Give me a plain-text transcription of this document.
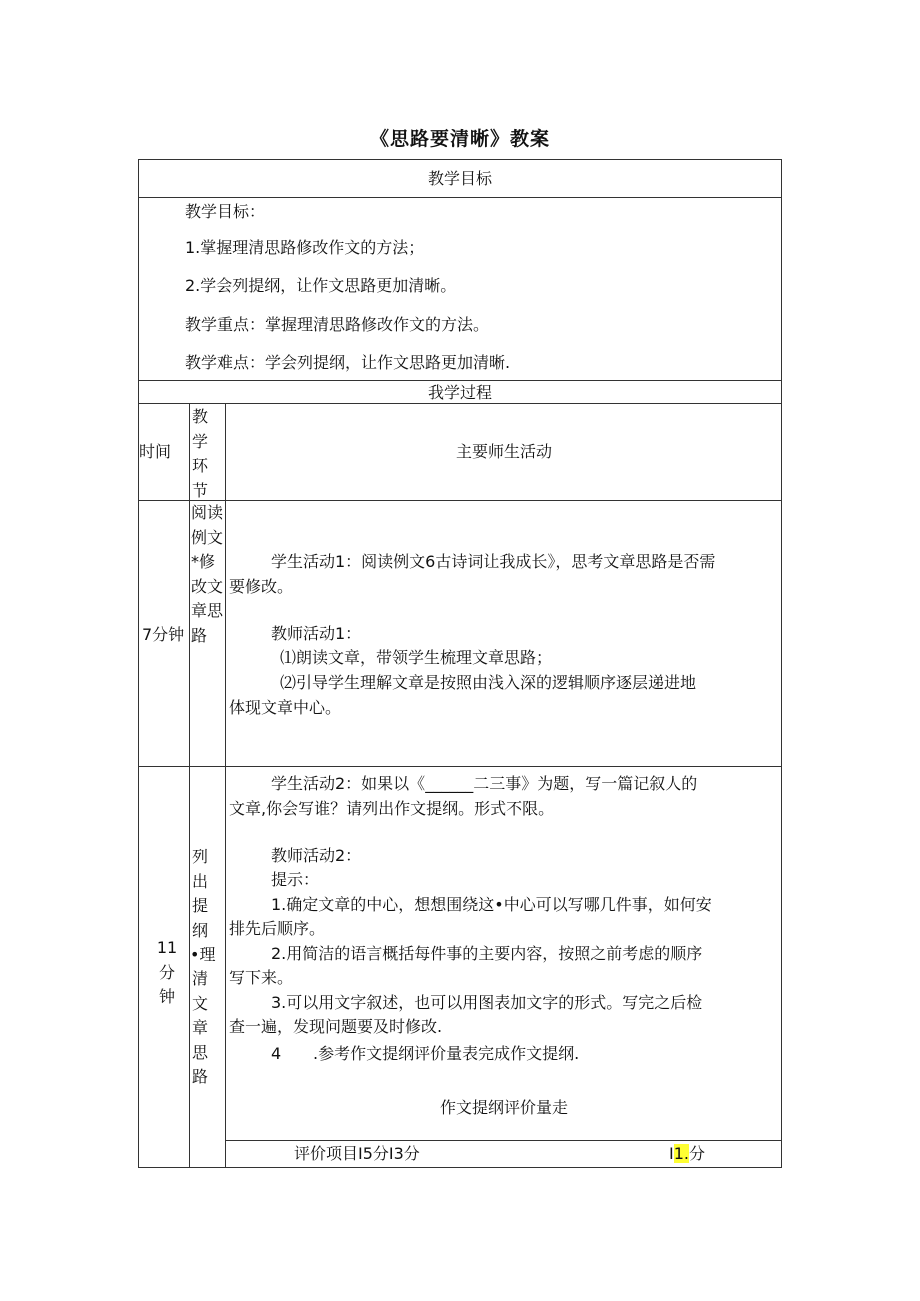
《思路要清晰》教案
教学目标
教学目标：
1.掌握理清思路修改作文的方法；
2.学会列提纲，让作文思路更加清晰。
教学重点：掌握理清思路修改作文的方法。
教学难点：学会列提纲，让作文思路更加清晰.
我学过程
时间
教学环节
主要师生活动
7分钟
阅读例文*修改文章思路
学生活动1：阅读例文6古诗词让我成长》，思考文章思路是否需
要修改。
教师活动1：
⑴朗读文章，带领学生梳理文章思路；
⑵引导学生理解文章是按照由浅入深的逻辑顺序逐层递进地
体现文章中心。
11分钟
列出提纲
•理
清文章思路
学生活动2：如果以《______二三事》为题，写一篇记叙人的
文章,你会写谁？请列出作文提纲。形式不限。
教师活动2：
提示：
1.确定文章的中心，想想围绕这•中心可以写哪几件事，如何安
排先后顺序。
2.用简洁的语言概括每件事的主要内容，按照之前考虑的顺序
写下来。
3.可以用文字叙述，也可以用图表加文字的形式。写完之后检
查一遍，发现问题要及时修改.
4 .参考作文提纲评价量表完成作文提纲.
作文提纲评价量走
评价项目I5分I3分	I1.分
